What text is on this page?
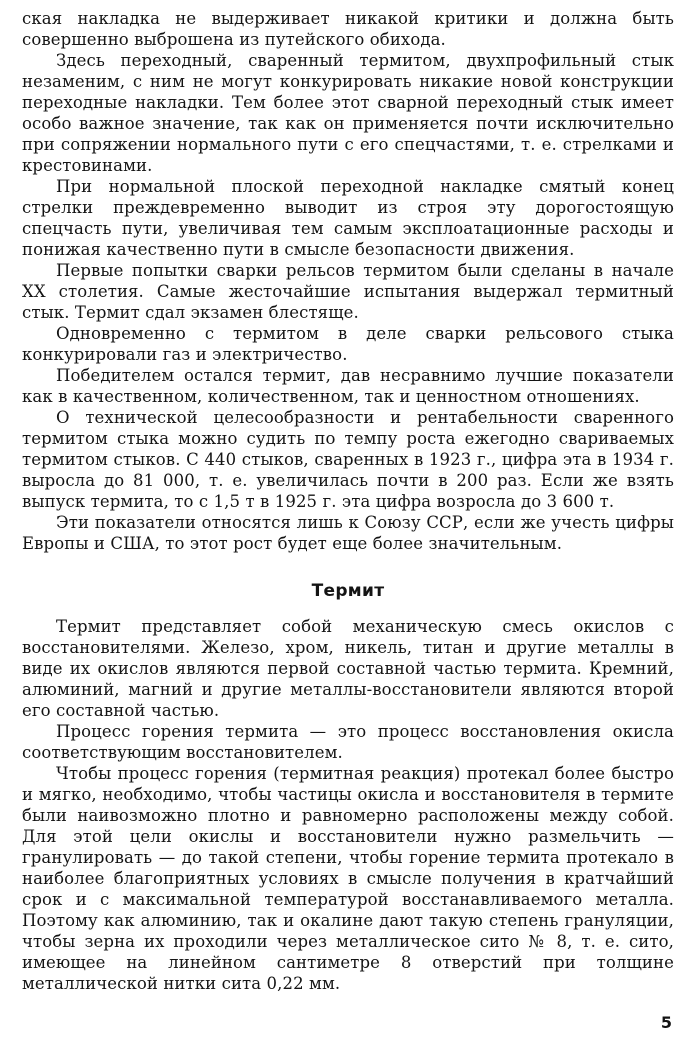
ская накладка не выдерживает никакой критики и должна быть совершенно выброшена из путейского обихода.

Здесь переходный, сваренный термитом, двухпрофильный стык незаменим, с ним не могут конкурировать никакие новой конструкции переходные накладки. Тем более этот сварной переходный стык имеет особо важное значение, так как он применяется почти исключительно при сопряжении нормального пути с его спецчастями, т. е. стрелками и крестовинами.

При нормальной плоской переходной накладке смятый конец стрелки преждевременно выводит из строя эту дорогостоящую спецчасть пути, увеличивая тем самым эксплоатационные расходы и понижая качественно пути в смысле безопасности движения.

Первые попытки сварки рельсов термитом были сделаны в начале XX столетия. Самые жесточайшие испытания выдержал термитный стык. Термит сдал экзамен блестяще.

Одновременно с термитом в деле сварки рельсового стыка конкурировали газ и электричество.

Победителем остался термит, дав несравнимо лучшие показатели как в качественном, количественном, так и ценностном отношениях.

О технической целесообразности и рентабельности сваренного термитом стыка можно судить по темпу роста ежегодно свариваемых термитом стыков. С 440 стыков, сваренных в 1923 г., цифра эта в 1934 г. выросла до 81 000, т. е. увеличилась почти в 200 раз. Если же взять выпуск термита, то с 1,5 т в 1925 г. эта цифра возросла до 3 600 т.

Эти показатели относятся лишь к Союзу ССР, если же учесть цифры Европы и США, то этот рост будет еще более значительным.

Термит

Термит представляет собой механическую смесь окислов с восстановителями. Железо, хром, никель, титан и другие металлы в виде их окислов являются первой составной частью термита. Кремний, алюминий, магний и другие металлы-восстановители являются второй его составной частью.

Процесс горения термита — это процесс восстановления окисла соответствующим восстановителем.

Чтобы процесс горения (термитная реакция) протекал более быстро и мягко, необходимо, чтобы частицы окисла и восстановителя в термите были наивозможно плотно и равномерно расположены между собой. Для этой цели окислы и восстановители нужно размельчить — гранулировать — до такой степени, чтобы горение термита протекало в наиболее благоприятных условиях в смысле получения в кратчайший срок и с максимальной температурой восстанавливаемого металла. Поэтому как алюминию, так и окалине дают такую степень грануляции, чтобы зерна их проходили через металлическое сито № 8, т. е. сито, имеющее на линейном сантиметре 8 отверстий при толщине металлической нитки сита 0,22 мм.

5
